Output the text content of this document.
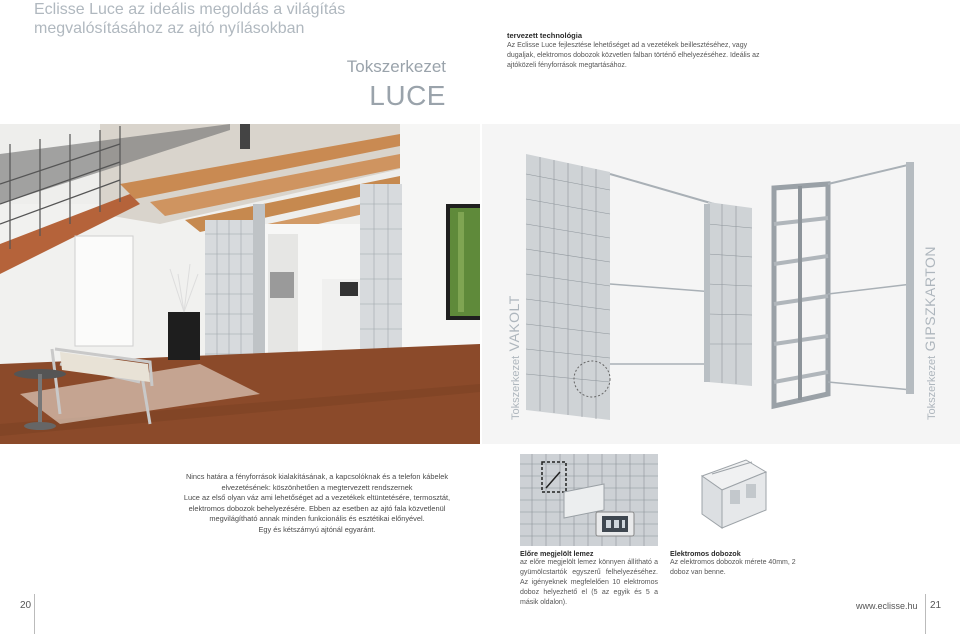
Eclisse Luce az ideális megoldás a világítás
megvalósításához az ajtó nyílásokban
Tokszerkezet
LUCE
tervezett technológia
Az Eclisse Luce fejlesztése lehetőséget ad a vezetékek beillesztéséhez, vagy dugaljak, elektromos dobozok közvetlen falban történő elhelyezéséhez. Ideális az ajtóközeli fényforrások megtartásához.
Tokszerkezet VAKOLT
Tokszerkezet GIPSZKARTON
Nincs határa a fényforrások kialakításának, a kapcsolóknak és a telefon kábelek
elvezetésének: köszönhetően a megtervezett rendszernek
Luce az első olyan váz ami lehetőséget ad a vezetékek eltüntetésére, termosztát,
elektromos dobozok behelyezésére. Ebben az esetben az ajtó fala közvetlenül
megvilágítható annak minden funkcionális és esztétikai előnyével.
Egy és kétszárnyú ajtónál egyaránt.
Előre megjelölt lemez
az előre megjelölt lemez könnyen állítható a gyümölcstartók egyszerű felhelyezéséhez. Az igényeknek megfelelően 10 elektromos doboz helyezhető el (5 az egyik és 5 a másik oldalon).
Elektromos dobozok
Az elektromos dobozok mérete 40mm, 2 doboz van benne.
20	www.eclisse.hu 21
